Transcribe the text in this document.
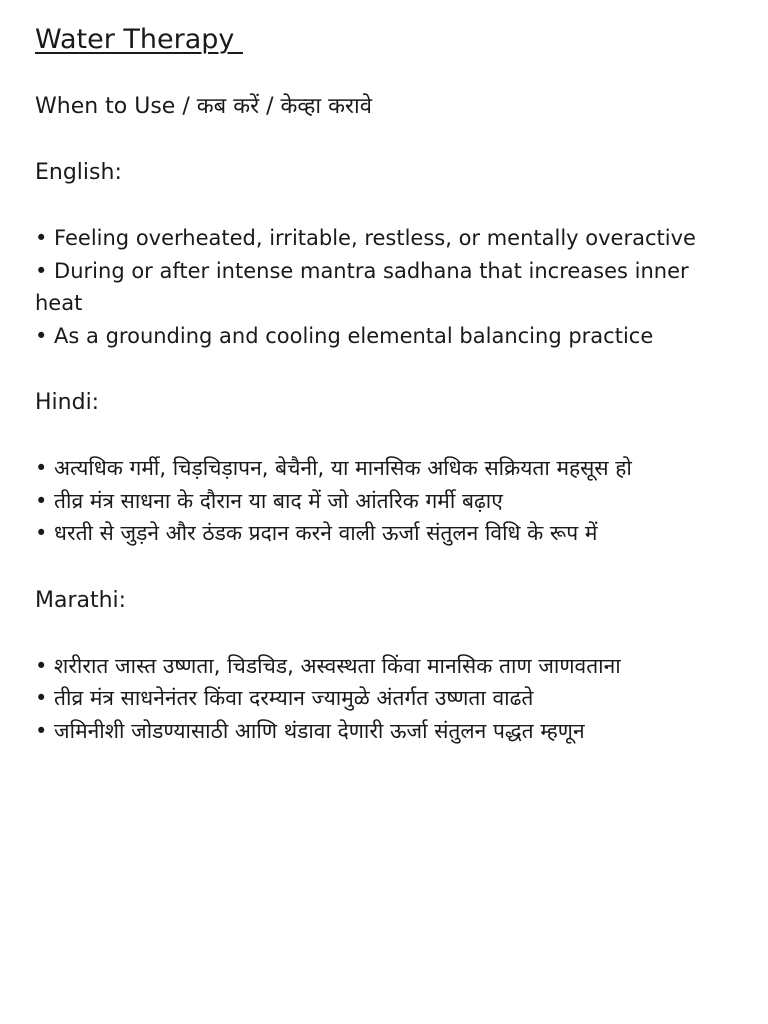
Water Therapy

When to Use / कब करें / केव्हा करावे

English:

• Feeling overheated, irritable, restless, or mentally overactive
• During or after intense mantra sadhana that increases inner heat
• As a grounding and cooling elemental balancing practice

Hindi:

• अत्यधिक गर्मी, चिड़चिड़ापन, बेचैनी, या मानसिक अधिक सक्रियता महसूस हो
• तीव्र मंत्र साधना के दौरान या बाद में जो आंतरिक गर्मी बढ़ाए
• धरती से जुड़ने और ठंडक प्रदान करने वाली ऊर्जा संतुलन विधि के रूप में

Marathi:

• शरीरात जास्त उष्णता, चिडचिड, अस्वस्थता किंवा मानसिक ताण जाणवताना
• तीव्र मंत्र साधनेनंतर किंवा दरम्यान ज्यामुळे अंतर्गत उष्णता वाढते
• जमिनीशी जोडण्यासाठी आणि थंडावा देणारी ऊर्जा संतुलन पद्धत म्हणून
